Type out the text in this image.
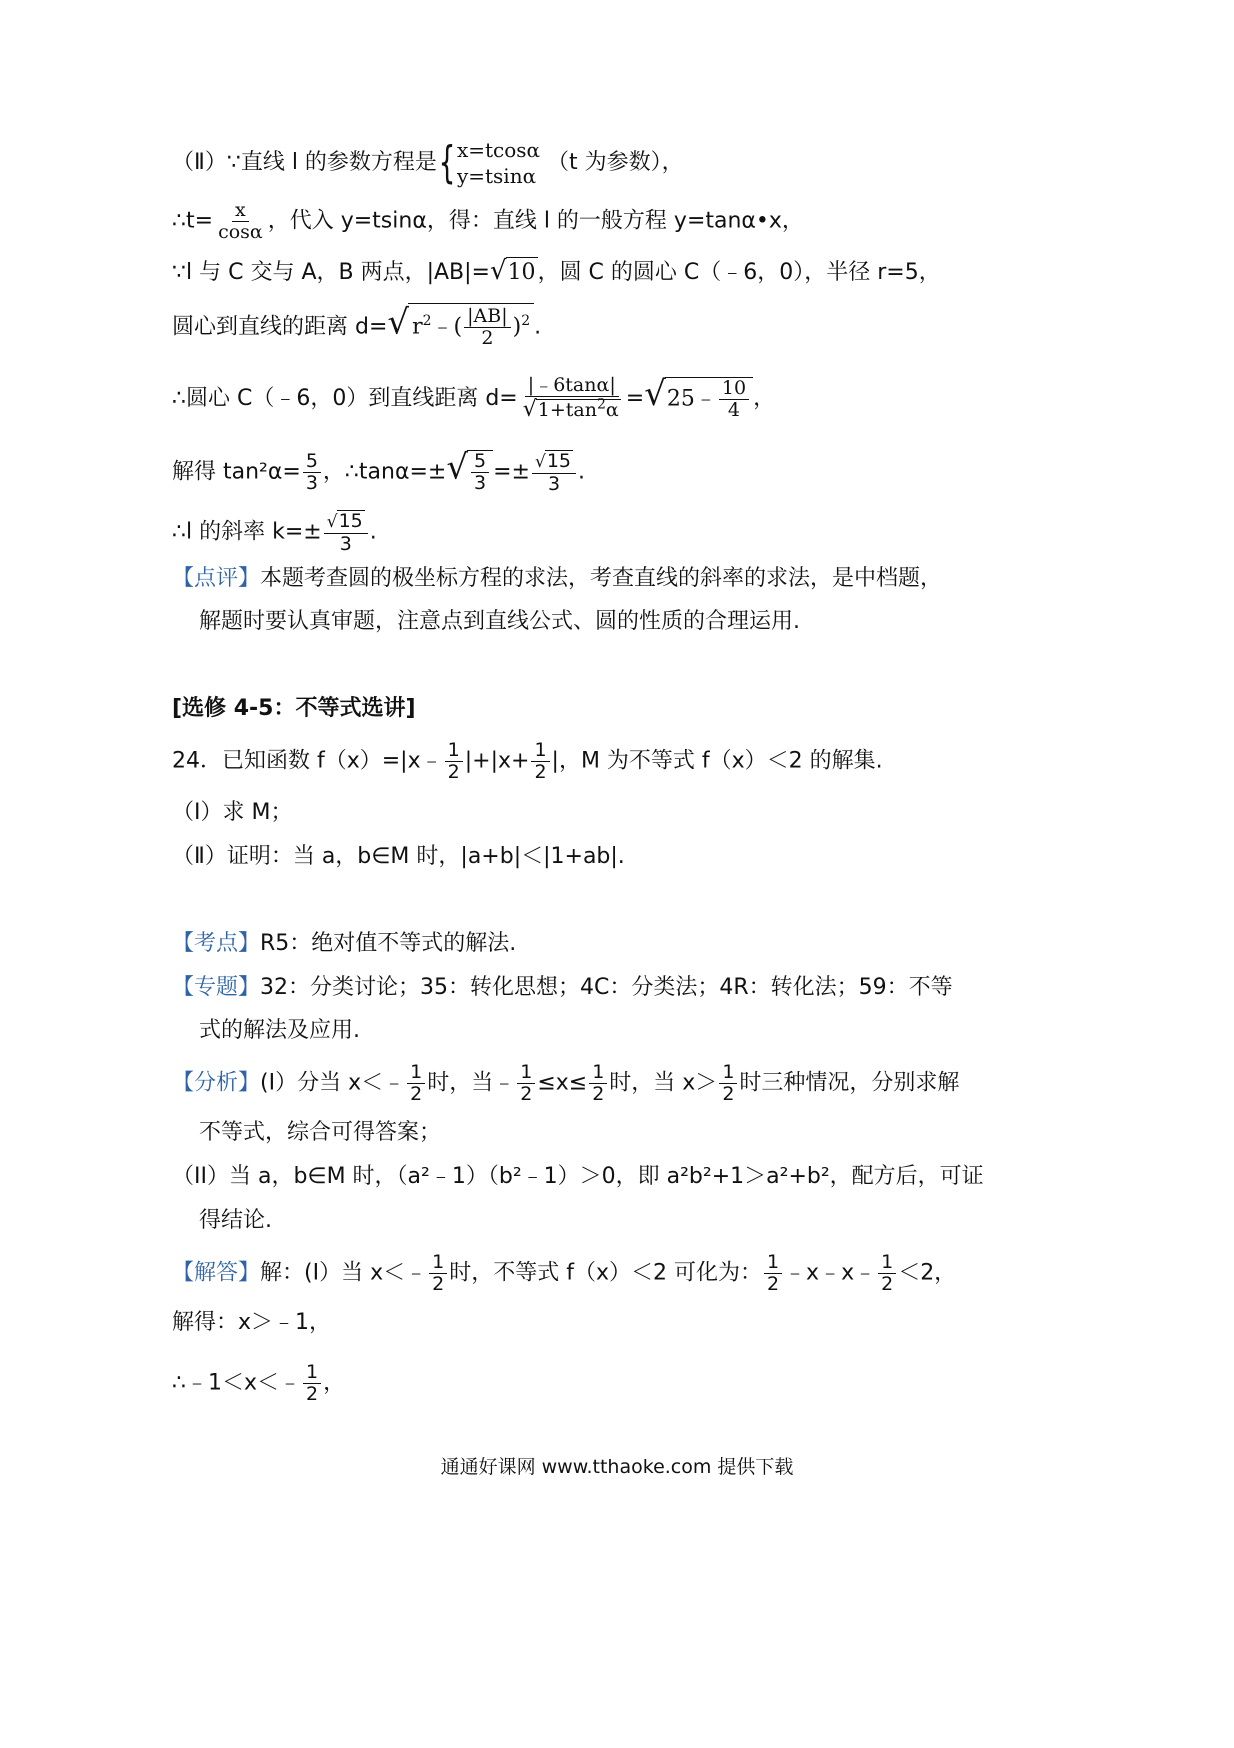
（Ⅱ）∵直线 l 的参数方程是{ x=tcosα
y=tsinα
（t 为参数），
∴t= $\frac{x}{\cos\alpha}$ ，代入 y=tsinα，得：直线 l 的一般方程 y=tanα•x，
∵l 与 C 交与 A，B 两点，|AB|=√10，圆 C 的圆心 C（﹣6，0），半径 r=5，
圆心到直线的距离 d=√ $r^2﹣( \frac{|AB|}{2} )^2$ .
∴圆心 C（﹣6，0）到直线距离 $d= \frac{|﹣6\tan\alpha|}{√1+\tan^2\alpha}$ =√25﹣ $\frac{10}{4}$ ，
解得 $\tan^2\alpha= \frac{5}{3}$ ，∴tanα=±√ $\frac{5}{3} =\pm \frac{√15}{3}$ .
∴l 的斜率 $k=\pm \frac{√15}{3}$ .
【点评】本题考查圆的极坐标方程的求法，考查直线的斜率的求法，是中档题，
解题时要认真审题，注意点到直线公式、圆的性质的合理运用.
[选修 4-5：不等式选讲]
24．已知函数 f（x）=|x﹣ $\frac{1}{2} |+|x+ \frac{1}{2}$ |，M 为不等式 f（x）＜2 的解集.
（Ⅰ）求 M；
（Ⅱ）证明：当 a，b∈M 时，|a+b|＜|1+ab|.
【考点】R5：绝对值不等式的解法.
【专题】32：分类讨论；35：转化思想；4C：分类法；4R：转化法；59：不等
式的解法及应用.
【分析】(I）分当 x＜﹣ $\frac{1}{2}$ 时，当﹣ $\frac{1}{2} \le x\le \frac{1}{2}$ 时，当 $x> \frac{1}{2}$ 时三种情况，分别求解
不等式，综合可得答案；
（II）当 a，b∈M 时，（a²﹣1）（b²﹣1）＞0，即 a²b²+1＞a²+b²，配方后，可证
得结论.
【解答】解：(I）当 x＜﹣ $\frac{1}{2}$ 时，不等式 f（x）＜2 可化为： $\frac{1}{2}$ ﹣x﹣x﹣ $\frac{1}{2} <2$，
解得：x＞﹣1，
∴﹣1＜x＜﹣ $\frac{1}{2}$ ，
通通好课网 www.tthaoke.com 提供下载
